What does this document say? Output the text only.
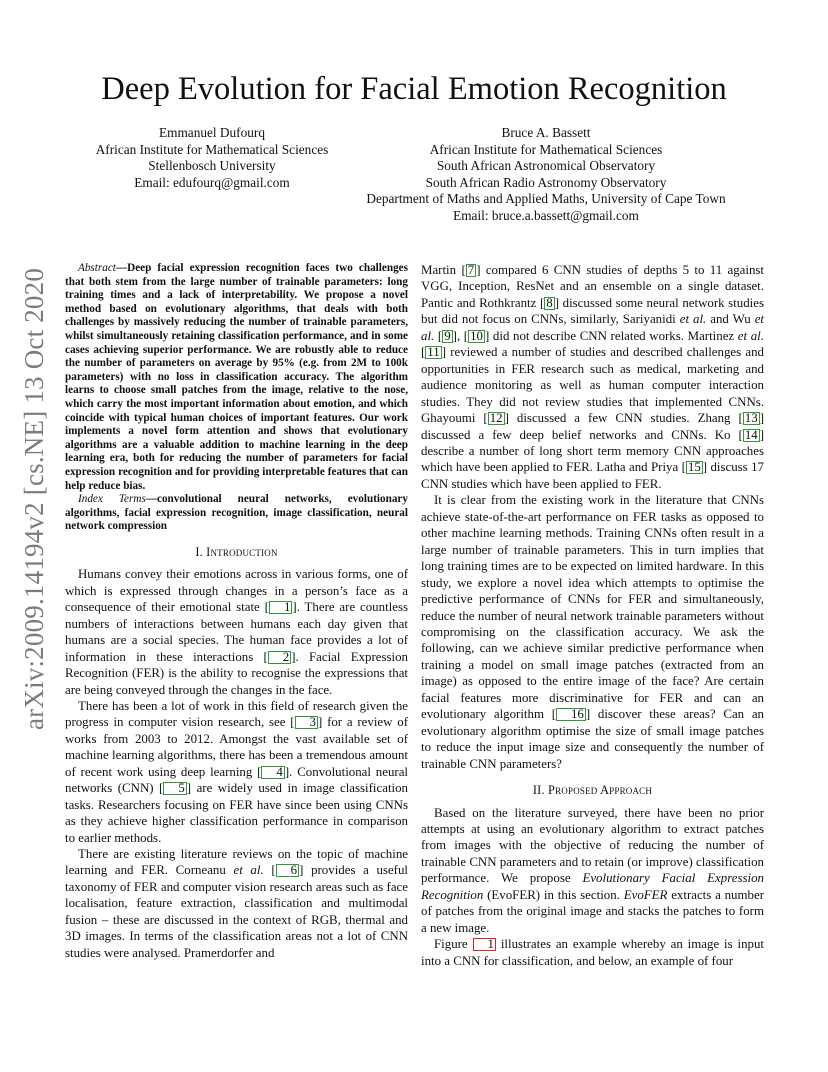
Deep Evolution for Facial Emotion Recognition
Emmanuel Dufourq
African Institute for Mathematical Sciences
Stellenbosch University
Email: edufourq@gmail.com
Bruce A. Bassett
African Institute for Mathematical Sciences
South African Astronomical Observatory
South African Radio Astronomy Observatory
Department of Maths and Applied Maths, University of Cape Town
Email: bruce.a.bassett@gmail.com
arXiv:2009.14194v2 [cs.NE] 13 Oct 2020	Abstract—Deep facial expression recognition faces two challenges that both stem from the large number of trainable parameters: long training times and a lack of interpretability. We propose a novel method based on evolutionary algorithms, that deals with both challenges by massively reducing the number of trainable parameters, whilst simultaneously retaining classification performance, and in some cases achieving superior performance. We are robustly able to reduce the number of parameters on average by 95% (e.g. from 2M to 100k parameters) with no loss in classification accuracy. The algorithm learns to choose small patches from the image, relative to the nose, which carry the most important information about emotion, and which coincide with typical human choices of important features. Our work implements a novel form attention and shows that evolutionary algorithms are a valuable addition to machine learning in the deep learning era, both for reducing the number of parameters for facial expression recognition and for providing interpretable features that can help reduce bias.

Index Terms—convolutional neural networks, evolutionary algorithms, facial expression recognition, image classification, neural network compression

I. Introduction

Humans convey their emotions across in various forms, one of which is expressed through changes in a person’s face as a consequence of their emotional state [ 1 ]. There are countless numbers of interactions between humans each day given that humans are a social species. The human face provides a lot of information in these interactions [ 2 ]. Facial Expression Recognition (FER) is the ability to recognise the expressions that are being conveyed through the changes in the face.

There has been a lot of work in this field of research given the progress in computer vision research, see [ 3 ] for a review of works from 2003 to 2012. Amongst the vast available set of machine learning algorithms, there has been a tremendous amount of recent work using deep learning [ 4 ]. Convolutional neural networks (CNN) [ 5 ] are widely used in image classification tasks. Researchers focusing on FER have since been using CNNs as they achieve higher classification performance in comparison to earlier methods.

There are existing literature reviews on the topic of machine learning and FER. Corneanu et al. [ 6 ] provides a useful taxonomy of FER and computer vision research areas such as face localisation, feature extraction, classification and multimodal fusion – these are discussed in the context of RGB, thermal and 3D images. In terms of the classification areas not a lot of CNN studies were analysed. Pramerdorfer and

Martin [ 7 ] compared 6 CNN studies of depths 5 to 11 against VGG, Inception, ResNet and an ensemble on a single dataset. Pantic and Rothkrantz [ 8 ] discussed some neural network studies but did not focus on CNNs, similarly, Sariyanidi et al. and Wu et al. [ 9 ], [ 10 ] did not describe CNN related works. Martinez et al. [ 11 ] reviewed a number of studies and described challenges and opportunities in FER research such as medical, marketing and audience monitoring as well as human computer interaction studies. They did not review studies that implemented CNNs. Ghayoumi [ 12 ] discussed a few CNN studies. Zhang [ 13 ] discussed a few deep belief networks and CNNs. Ko [ 14 ] describe a number of long short term memory CNN approaches which have been applied to FER. Latha and Priya [ 15 ] discuss 17 CNN studies which have been applied to FER.

It is clear from the existing work in the literature that CNNs achieve state-of-the-art performance on FER tasks as opposed to other machine learning methods. Training CNNs often result in a large number of trainable parameters. This in turn implies that long training times are to be expected on limited hardware. In this study, we explore a novel idea which attempts to optimise the predictive performance of CNNs for FER and simultaneously, reduce the number of neural network trainable parameters without compromising on the classification accuracy. We ask the following, can we achieve similar predictive performance when training a model on small image patches (extracted from an image) as opposed to the entire image of the face? Are certain facial features more discriminative for FER and can an evolutionary algorithm [ 16 ] discover these areas? Can an evolutionary algorithm optimise the size of small image patches to reduce the input image size and consequently the number of trainable CNN parameters?

II. Proposed Approach

Based on the literature surveyed, there have been no prior attempts at using an evolutionary algorithm to extract patches from images with the objective of reducing the number of trainable CNN parameters and to retain (or improve) classification performance. We propose Evolutionary Facial Expression Recognition (EvoFER) in this section. EvoFER extracts a number of patches from the original image and stacks the patches to form a new image.

Figure 1 illustrates an example whereby an image is input into a CNN for classification, and below, an example of four
